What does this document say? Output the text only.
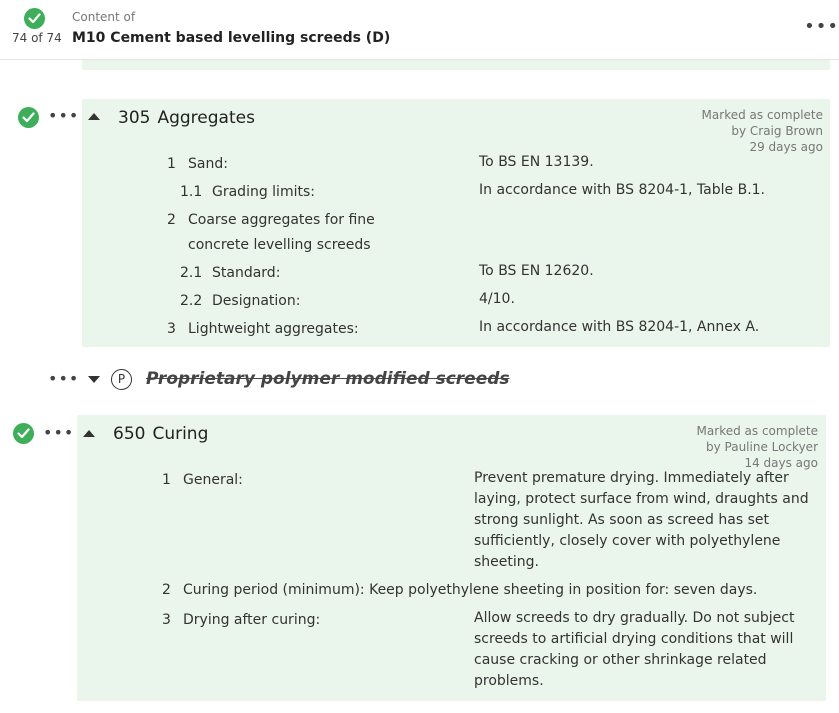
74 of 74
Content of
M10 Cement based levelling screeds (D)
•••
••• 305 Aggregates	Marked as complete
by Craig Brown
29 days ago
1 Sand:	To BS EN 13139.
1.1 Grading limits:	In accordance with BS 8204-1, Table B.1.
2 Coarse aggregates for fine
concrete levelling screeds
2.1 Standard:	To BS EN 12620.
2.2 Designation:	4/10.
3 Lightweight aggregates:	In accordance with BS 8204-1, Annex A.
•••	P	Proprietary polymer modified screeds
••• 650 Curing	Marked as complete
by Pauline Lockyer
14 days ago
1 General:	Prevent premature drying. Immediately after
laying, protect surface from wind, draughts and
strong sunlight. As soon as screed has set
sufficiently, closely cover with polyethylene
sheeting.
2 Curing period (minimum): Keep polyethylene sheeting in position for: seven days.
3 Drying after curing:	Allow screeds to dry gradually. Do not subject
screeds to artificial drying conditions that will
cause cracking or other shrinkage related
problems.
